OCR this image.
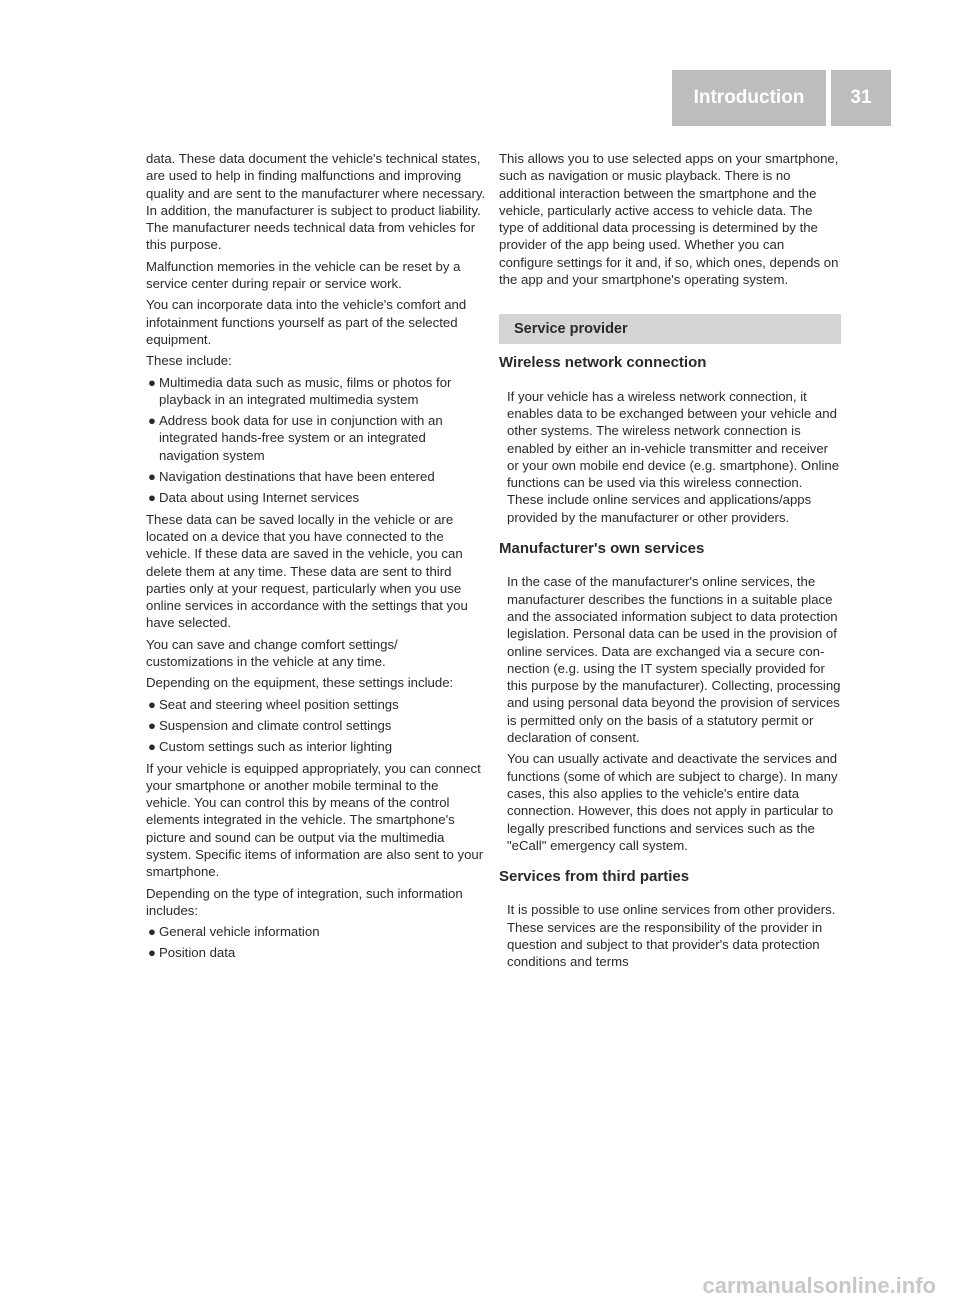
Introduction	31

data. These data document the vehicle's technical states, are used to help in finding malfunctions and improving quality and are sent to the manufacturer where necessary. In addition, the manufacturer is subject to product liability. The manufacturer needs technical data from vehicles for this purpose.

Malfunction memories in the vehicle can be reset by a service center during repair or service work.

You can incorporate data into the vehicle's comfort and infotainment functions yourself as part of the selected equipment.

These include:

● Multimedia data such as music, films or photos for playback in an integrated multimedia system
● Address book data for use in conjunction with an integrated hands-free system or an integrated navigation system
● Navigation destinations that have been entered
● Data about using Internet services

These data can be saved locally in the vehicle or are located on a device that you have connected to the vehicle. If these data are saved in the vehicle, you can delete them at any time. These data are sent to third parties only at your request, particularly when you use online services in accordance with the settings that you have selected.

You can save and change comfort settings/ customizations in the vehicle at any time.

Depending on the equipment, these settings include:

● Seat and steering wheel position settings
● Suspension and climate control settings
● Custom settings such as interior lighting

If your vehicle is equipped appropriately, you can connect your smartphone or another mobile terminal to the vehicle. You can control this by means of the control elements integrated in the vehicle. The smartphone's picture and sound can be output via the multimedia system. Specific items of information are also sent to your smartphone.

Depending on the type of integration, such information includes:

● General vehicle information
● Position data

This allows you to use selected apps on your smartphone, such as navigation or music playback. There is no additional interaction between the smartphone and the vehicle, particularly active access to vehicle data. The type of additional data processing is determined by the provider of the app being used. Whether you can configure settings for it and, if so, which ones, depends on the app and your smartphone's operating system.

Service provider
Wireless network connection

If your vehicle has a wireless network connection, it enables data to be exchanged between your vehicle and other systems. The wireless network connection is enabled by either an in-vehicle transmitter and receiver or your own mobile end device (e.g. smartphone). Online functions can be used via this wireless connection. These include online services and applications/apps provided by the manufacturer or other providers.

Manufacturer's own services

In the case of the manufacturer's online services, the manufacturer describes the functions in a suitable place and the associated information subject to data protection legislation. Personal data can be used in the provision of online services. Data are exchanged via a secure connection (e.g. using the IT system specially provided for this purpose by the manufacturer). Collecting, processing and using personal data beyond the provision of services is permitted only on the basis of a statutory permit or declaration of consent.

You can usually activate and deactivate the services and functions (some of which are subject to charge). In many cases, this also applies to the vehicle's entire data connection. However, this does not apply in particular to legally prescribed functions and services such as the "eCall" emergency call system.

Services from third parties

It is possible to use online services from other providers. These services are the responsibility of the provider in question and subject to that provider's data protection conditions and terms

carmanualsonline.info
